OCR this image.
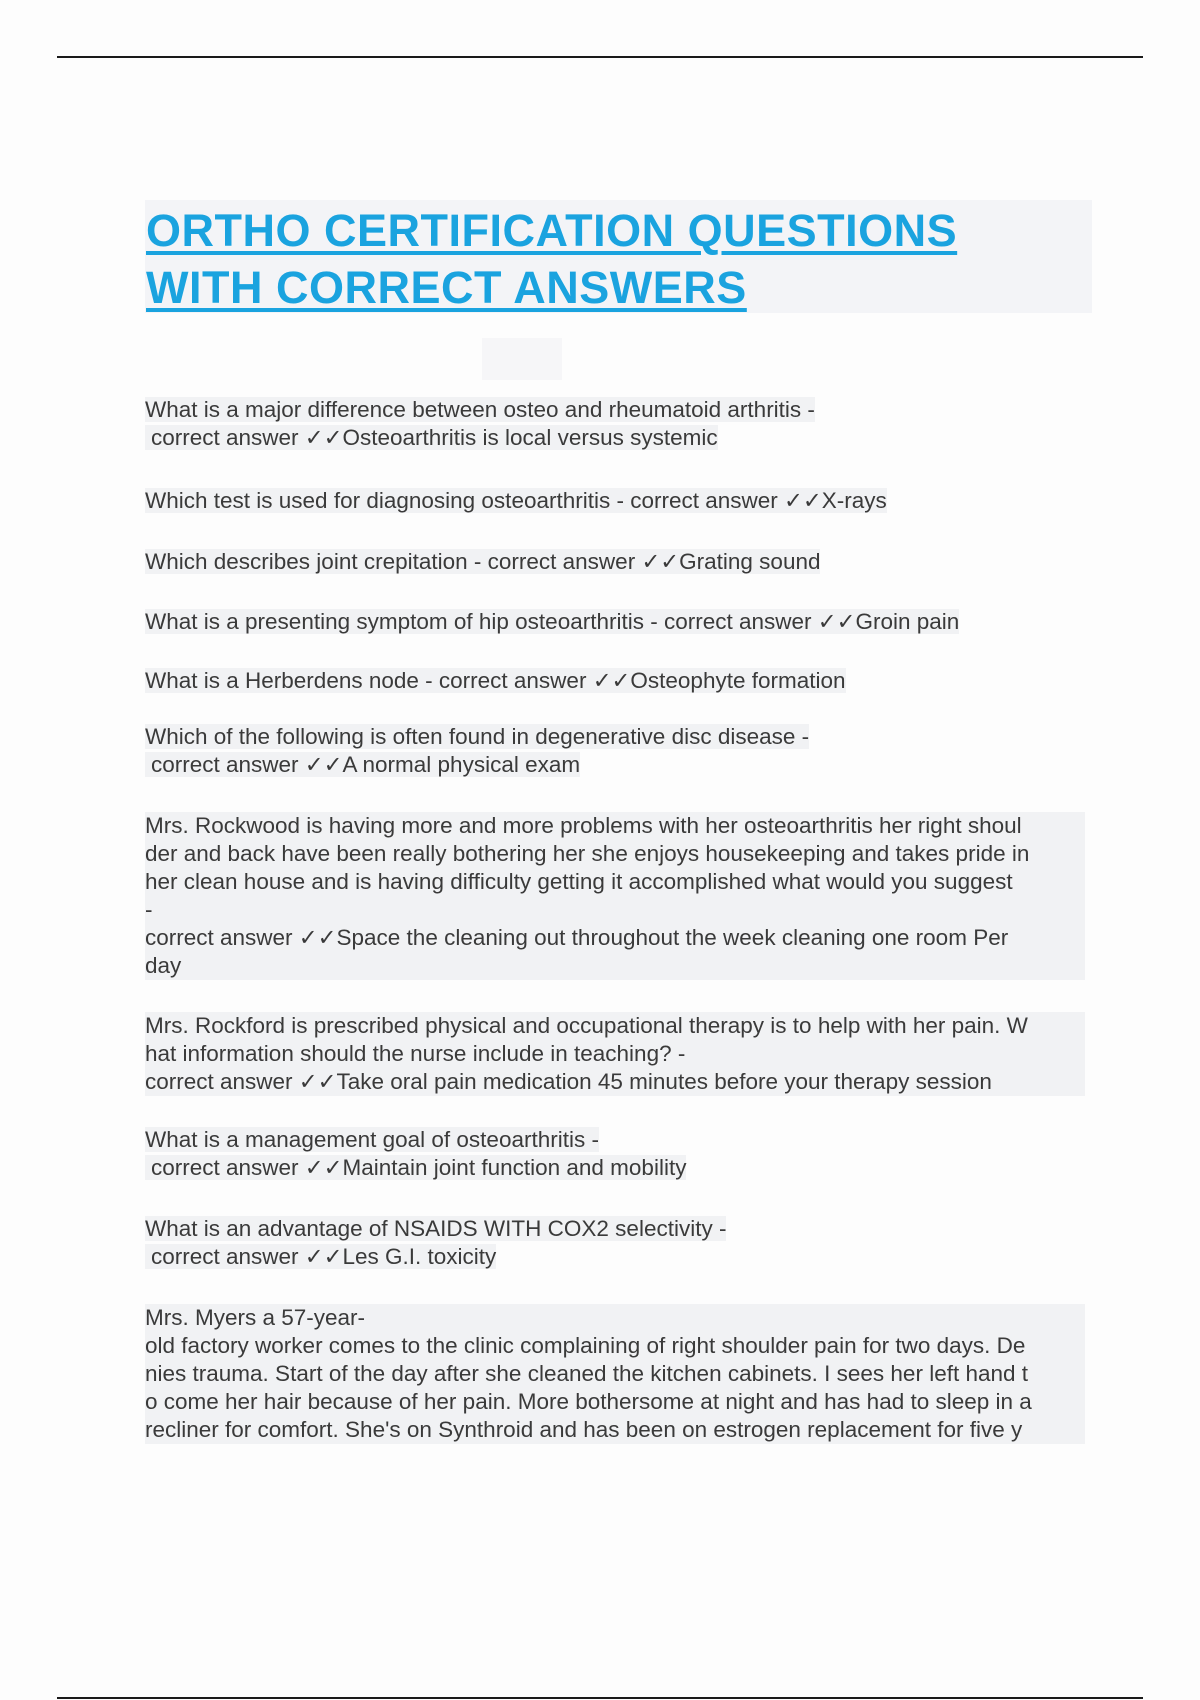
ORTHO CERTIFICATION QUESTIONS
WITH CORRECT ANSWERS
What is a major difference between osteo and rheumatoid arthritis -
correct answer ✓✓Osteoarthritis is local versus systemic
Which test is used for diagnosing osteoarthritis - correct answer ✓✓X-rays
Which describes joint crepitation - correct answer ✓✓Grating sound
What is a presenting symptom of hip osteoarthritis - correct answer ✓✓Groin pain
What is a Herberdens node - correct answer ✓✓Osteophyte formation
Which of the following is often found in degenerative disc disease -
correct answer ✓✓A normal physical exam
Mrs. Rockwood is having more and more problems with her osteoarthritis her right shoul
der and back have been really bothering her she enjoys housekeeping and takes pride in
her clean house and is having difficulty getting it accomplished what would you suggest
-
correct answer ✓✓Space the cleaning out throughout the week cleaning one room Per
day
Mrs. Rockford is prescribed physical and occupational therapy is to help with her pain. W
hat information should the nurse include in teaching? -
correct answer ✓✓Take oral pain medication 45 minutes before your therapy session
What is a management goal of osteoarthritis -
correct answer ✓✓Maintain joint function and mobility
What is an advantage of NSAIDS WITH COX2 selectivity -
correct answer ✓✓Les G.I. toxicity
Mrs. Myers a 57-year-
old factory worker comes to the clinic complaining of right shoulder pain for two days. De
nies trauma. Start of the day after she cleaned the kitchen cabinets. I sees her left hand t
o come her hair because of her pain. More bothersome at night and has had to sleep in a
recliner for comfort. She's on Synthroid and has been on estrogen replacement for five y
